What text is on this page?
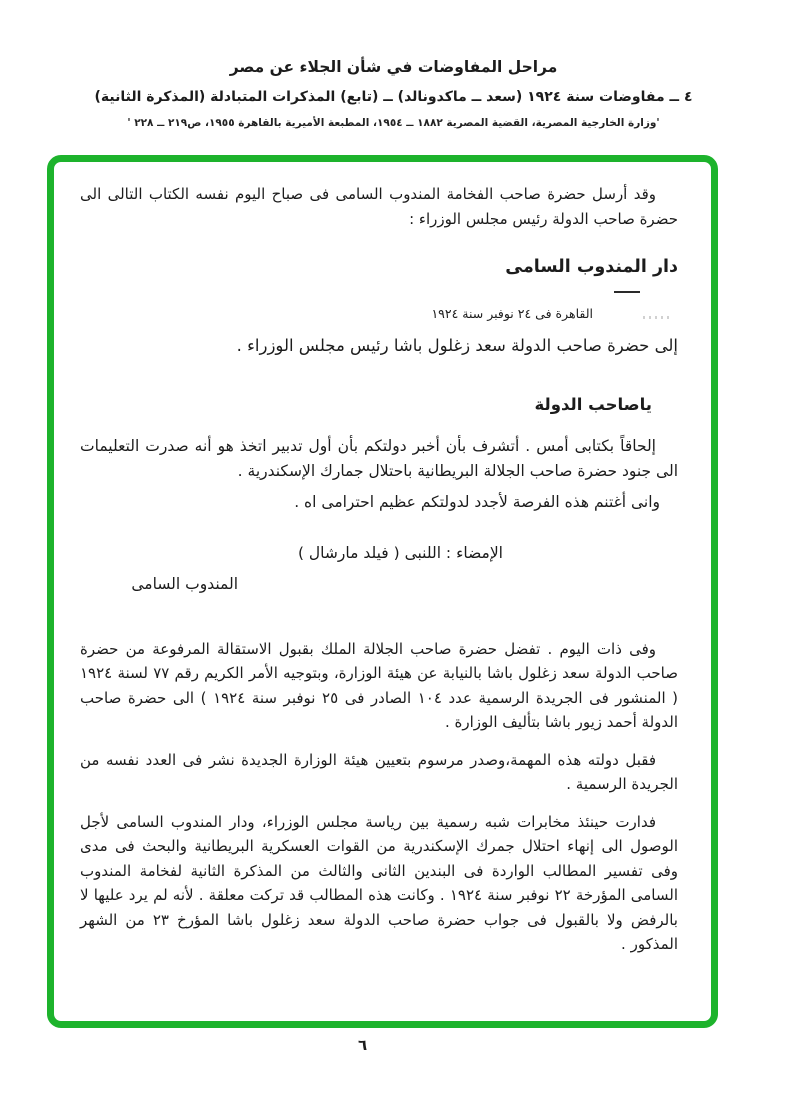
مراحل المفاوضات في شأن الجلاء عن مصر
٤ ــ مفاوضات سنة ١٩٢٤ (سعد ــ ماكدونالد) ــ (تابع) المذكرات المتبادلة (المذكرة الثانية)
'وزارة الخارجية المصرية، القضية المصرية ١٨٨٢ ــ ١٩٥٤، المطبعة الأميرية بالقاهرة ١٩٥٥، ص٢١٩ ــ ٢٢٨ '

وقد أرسل حضرة صاحب الفخامة المندوب السامى فى صباح اليوم نفسه الكتاب التالى الى حضرة صاحب الدولة رئيس مجلس الوزراء :

دار المندوب السامى
القاهرة فى ٢٤ نوفبر سنة ١٩٢٤

إلى حضرة صاحب الدولة سعد زغلول باشا رئيس مجلس الوزراء .

ياصاحب الدولة

إلحاقاً بكتابى أمس . أتشرف بأن أخبر دولتكم بأن أول تدبير اتخذ هو أنه صدرت التعليمات الى جنود حضرة صاحب الجلالة البريطانية باحتلال جمارك الإسكندرية .

وانى أغتنم هذه الفرصة لأجدد لدولتكم عظيم احترامى اه .

الإمضاء : اللنبى ( فيلد مارشال )
المندوب السامى

وفى ذات اليوم . تفضل حضرة صاحب الجلالة الملك بقبول الاستقالة المرفوعة من حضرة صاحب الدولة سعد زغلول باشا بالنيابة عن هيئة الوزارة، وبتوجيه الأمر الكريم رقم ٧٧ لسنة ١٩٢٤ ( المنشور فى الجريدة الرسمية عدد ١٠٤ الصادر فى ٢٥ نوفبر سنة ١٩٢٤ ) الى حضرة صاحب الدولة أحمد زيور باشا بتأليف الوزارة .

فقبل دولته هذه المهمة،وصدر مرسوم بتعيين هيئة الوزارة الجديدة نشر فى العدد نفسه من الجريدة الرسمية .

فدارت حينئذ مخابرات شبه رسمية بين رياسة مجلس الوزراء، ودار المندوب السامى لأجل الوصول الى إنهاء احتلال جمرك الإسكندرية من القوات العسكرية البريطانية والبحث فى مدى وفى تفسير المطالب الواردة فى البندين الثانى والثالث من المذكرة الثانية لفخامة المندوب السامى المؤرخة ٢٢ نوفبر سنة ١٩٢٤ . وكانت هذه المطالب قد تركت معلقة . لأنه لم يرد عليها لا بالرفض ولا بالقبول فى جواب حضرة صاحب الدولة سعد زغلول باشا المؤرخ ٢٣ من الشهر المذكور .

٦
